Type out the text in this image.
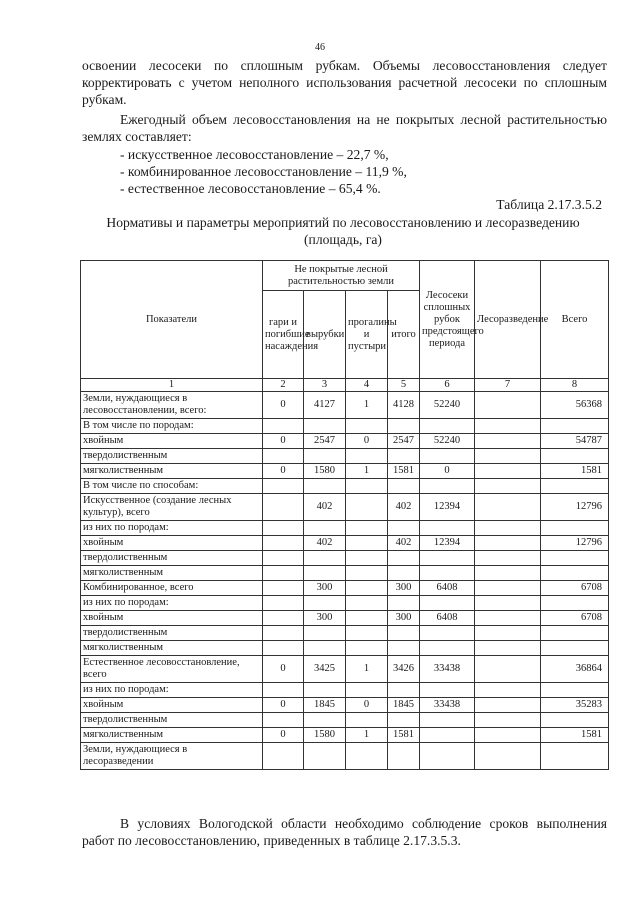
46
освоении лесосеки по сплошным рубкам. Объемы лесовосстановления следует корректировать с учетом неполного использования расчетной лесосеки по сплошным рубкам.
Ежегодный объем лесовосстановления на не покрытых лесной растительностью землях составляет:
- искусственное лесовосстановление – 22,7 %,
- комбинированное лесовосстановление – 11,9 %,
- естественное лесовосстановление – 65,4 %.
Таблица 2.17.3.5.2
Нормативы и параметры мероприятий по лесовосстановлению и лесоразведению
(площадь, га)
Показатели	Не покрытые лесной растительностью земли				Лесосеки сплошных рубок предстоящего периода	Лесоразведение	Всего
	гари и погибшие насаждения	вырубки	прогалины и пустыри	итого			
1	2	3	4	5	6	7	8
Земли, нуждающиеся в лесовосстановлении, всего:	0	4127	1	4128	52240		56368
В том числе по породам:							
хвойным	0	2547	0	2547	52240		54787
твердолиственным							
мягколиственным	0	1580	1	1581	0		1581
В том числе по способам:							
Искусственное (создание лесных культур), всего		402		402	12394		12796
из них по породам:							
хвойным		402		402	12394		12796
твердолиственным							
мягколиственным							
Комбинированное, всего		300		300	6408		6708
из них по породам:							
хвойным		300		300	6408		6708
твердолиственным							
мягколиственным							
Естественное лесовосстановление, всего	0	3425	1	3426	33438		36864
из них по породам:							
хвойным	0	1845	0	1845	33438		35283
твердолиственным							
мягколиственным	0	1580	1	1581			1581
Земли, нуждающиеся в лесоразведении							
В условиях Вологодской области необходимо соблюдение сроков выполнения работ по лесовосстановлению, приведенных в таблице 2.17.3.5.3.
